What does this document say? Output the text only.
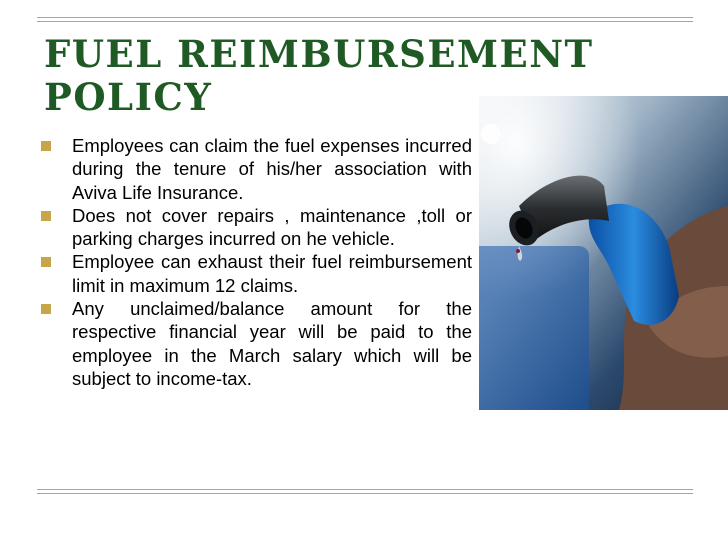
FUEL REIMBURSEMENT
POLICY
Employees can claim the fuel expenses incurred during the tenure of his/her association with Aviva Life Insurance.
Does not cover repairs , maintenance ,toll or parking charges incurred on he vehicle.
Employee can exhaust their fuel reimbursement limit in maximum 12 claims.
Any unclaimed/balance amount for the respective financial year will be paid to the employee in the March salary which will be subject to income-tax.
